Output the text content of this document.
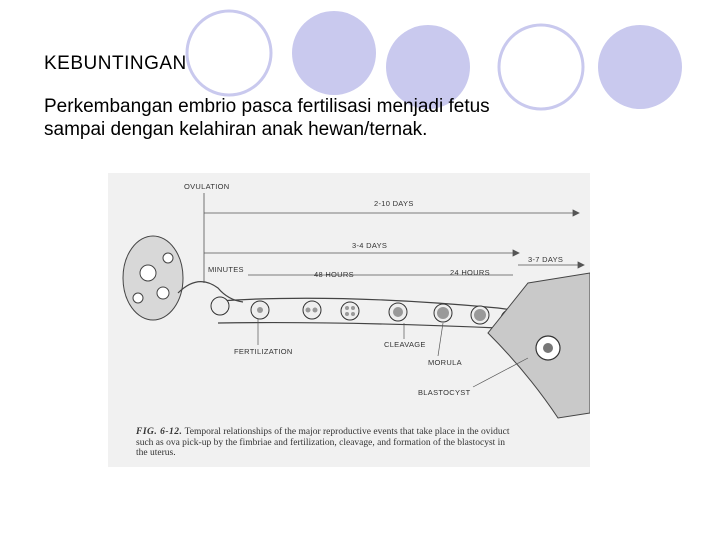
KEBUNTINGAN

Perkembangan embrio pasca fertilisasi menjadi fetus
sampai dengan kelahiran anak hewan/ternak.

OVULATION
2-10 DAYS
3-4 DAYS
MINUTES
48 HOURS	24 HOURS
3-7 DAYS
FERTILIZATION
CLEAVAGE
MORULA
BLASTOCYST
FIG. 6-12. Temporal relationships of the major reproductive events that take place in the oviduct
such as ova pick-up by the fimbriae and fertilization, cleavage, and formation of the blastocyst in
the uterus.
